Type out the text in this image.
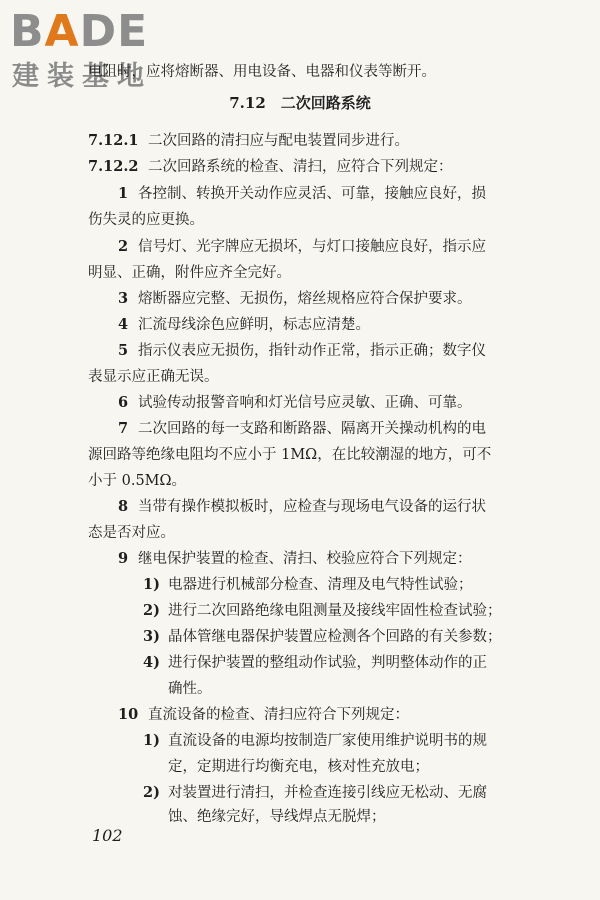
BADE
建装基地
电阻时，应将熔断器、用电设备、电器和仪表等断开。
7.12　二次回路系统
7.12.1 二次回路的清扫应与配电装置同步进行。
7.12.2 二次回路系统的检查、清扫，应符合下列规定：
1 各控制、转换开关动作应灵活、可靠，接触应良好，损
伤失灵的应更换。
2 信号灯、光字牌应无损坏，与灯口接触应良好，指示应
明显、正确，附件应齐全完好。
3 熔断器应完整、无损伤，熔丝规格应符合保护要求。
4 汇流母线涂色应鲜明，标志应清楚。
5 指示仪表应无损伤，指针动作正常，指示正确；数字仪
表显示应正确无误。
6 试验传动报警音响和灯光信号应灵敏、正确、可靠。
7 二次回路的每一支路和断路器、隔离开关操动机构的电
源回路等绝缘电阻均不应小于 1MΩ，在比较潮湿的地方，可不
小于 0.5MΩ。
8 当带有操作模拟板时，应检查与现场电气设备的运行状
态是否对应。
9 继电保护装置的检查、清扫、校验应符合下列规定：
1) 电器进行机械部分检查、清理及电气特性试验；
2) 进行二次回路绝缘电阻测量及接线牢固性检查试验；
3) 晶体管继电器保护装置应检测各个回路的有关参数；
4) 进行保护装置的整组动作试验，判明整体动作的正
确性。
10 直流设备的检查、清扫应符合下列规定：
1) 直流设备的电源均按制造厂家使用维护说明书的规
定，定期进行均衡充电，核对性充放电；
2) 对装置进行清扫，并检查连接引线应无松动、无腐
蚀、绝缘完好，导线焊点无脱焊；
102
